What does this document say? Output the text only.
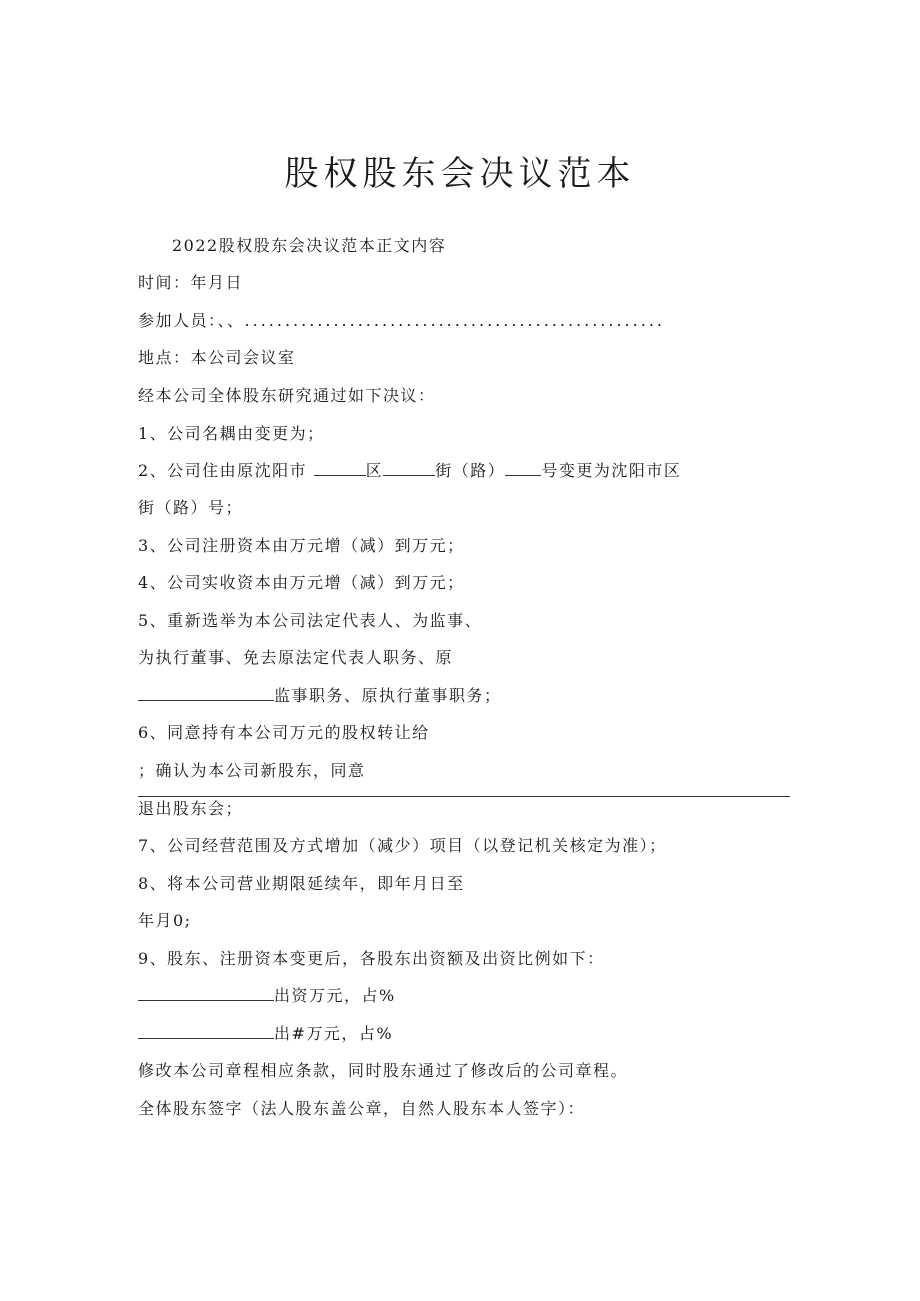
股权股东会决议范本
2022股权股东会决议范本正文内容
时间：年月日
参加人员：、、....................................................
地点：本公司会议室
经本公司全体股东研究通过如下决议：
1、公司名耦由变更为；
2、公司住由原沈阳市	区	街（路） 号变更为沈阳市区
街（路）号；
3、公司注册资本由万元增（减）到万元；
4、公司实收资本由万元增（减）到万元；
5、重新选举为本公司法定代表人、为监事、
为执行董事、免去原法定代表人职务、原
监事职务、原执行董事职务；
6、同意持有本公司万元的股权转让给
；确认为本公司新股东，同意
退出股东会；
7、公司经营范围及方式增加（减少）项目（以登记机关核定为准）；
8、将本公司营业期限延续年，即年月日至
年月0;
9、股东、注册资本变更后，各股东出资额及出资比例如下：
出资万元，占%
出#万元，占%
修改本公司章程相应条款，同时股东通过了修改后的公司章程。
全体股东签字（法人股东盖公章，自然人股东本人签字）：
